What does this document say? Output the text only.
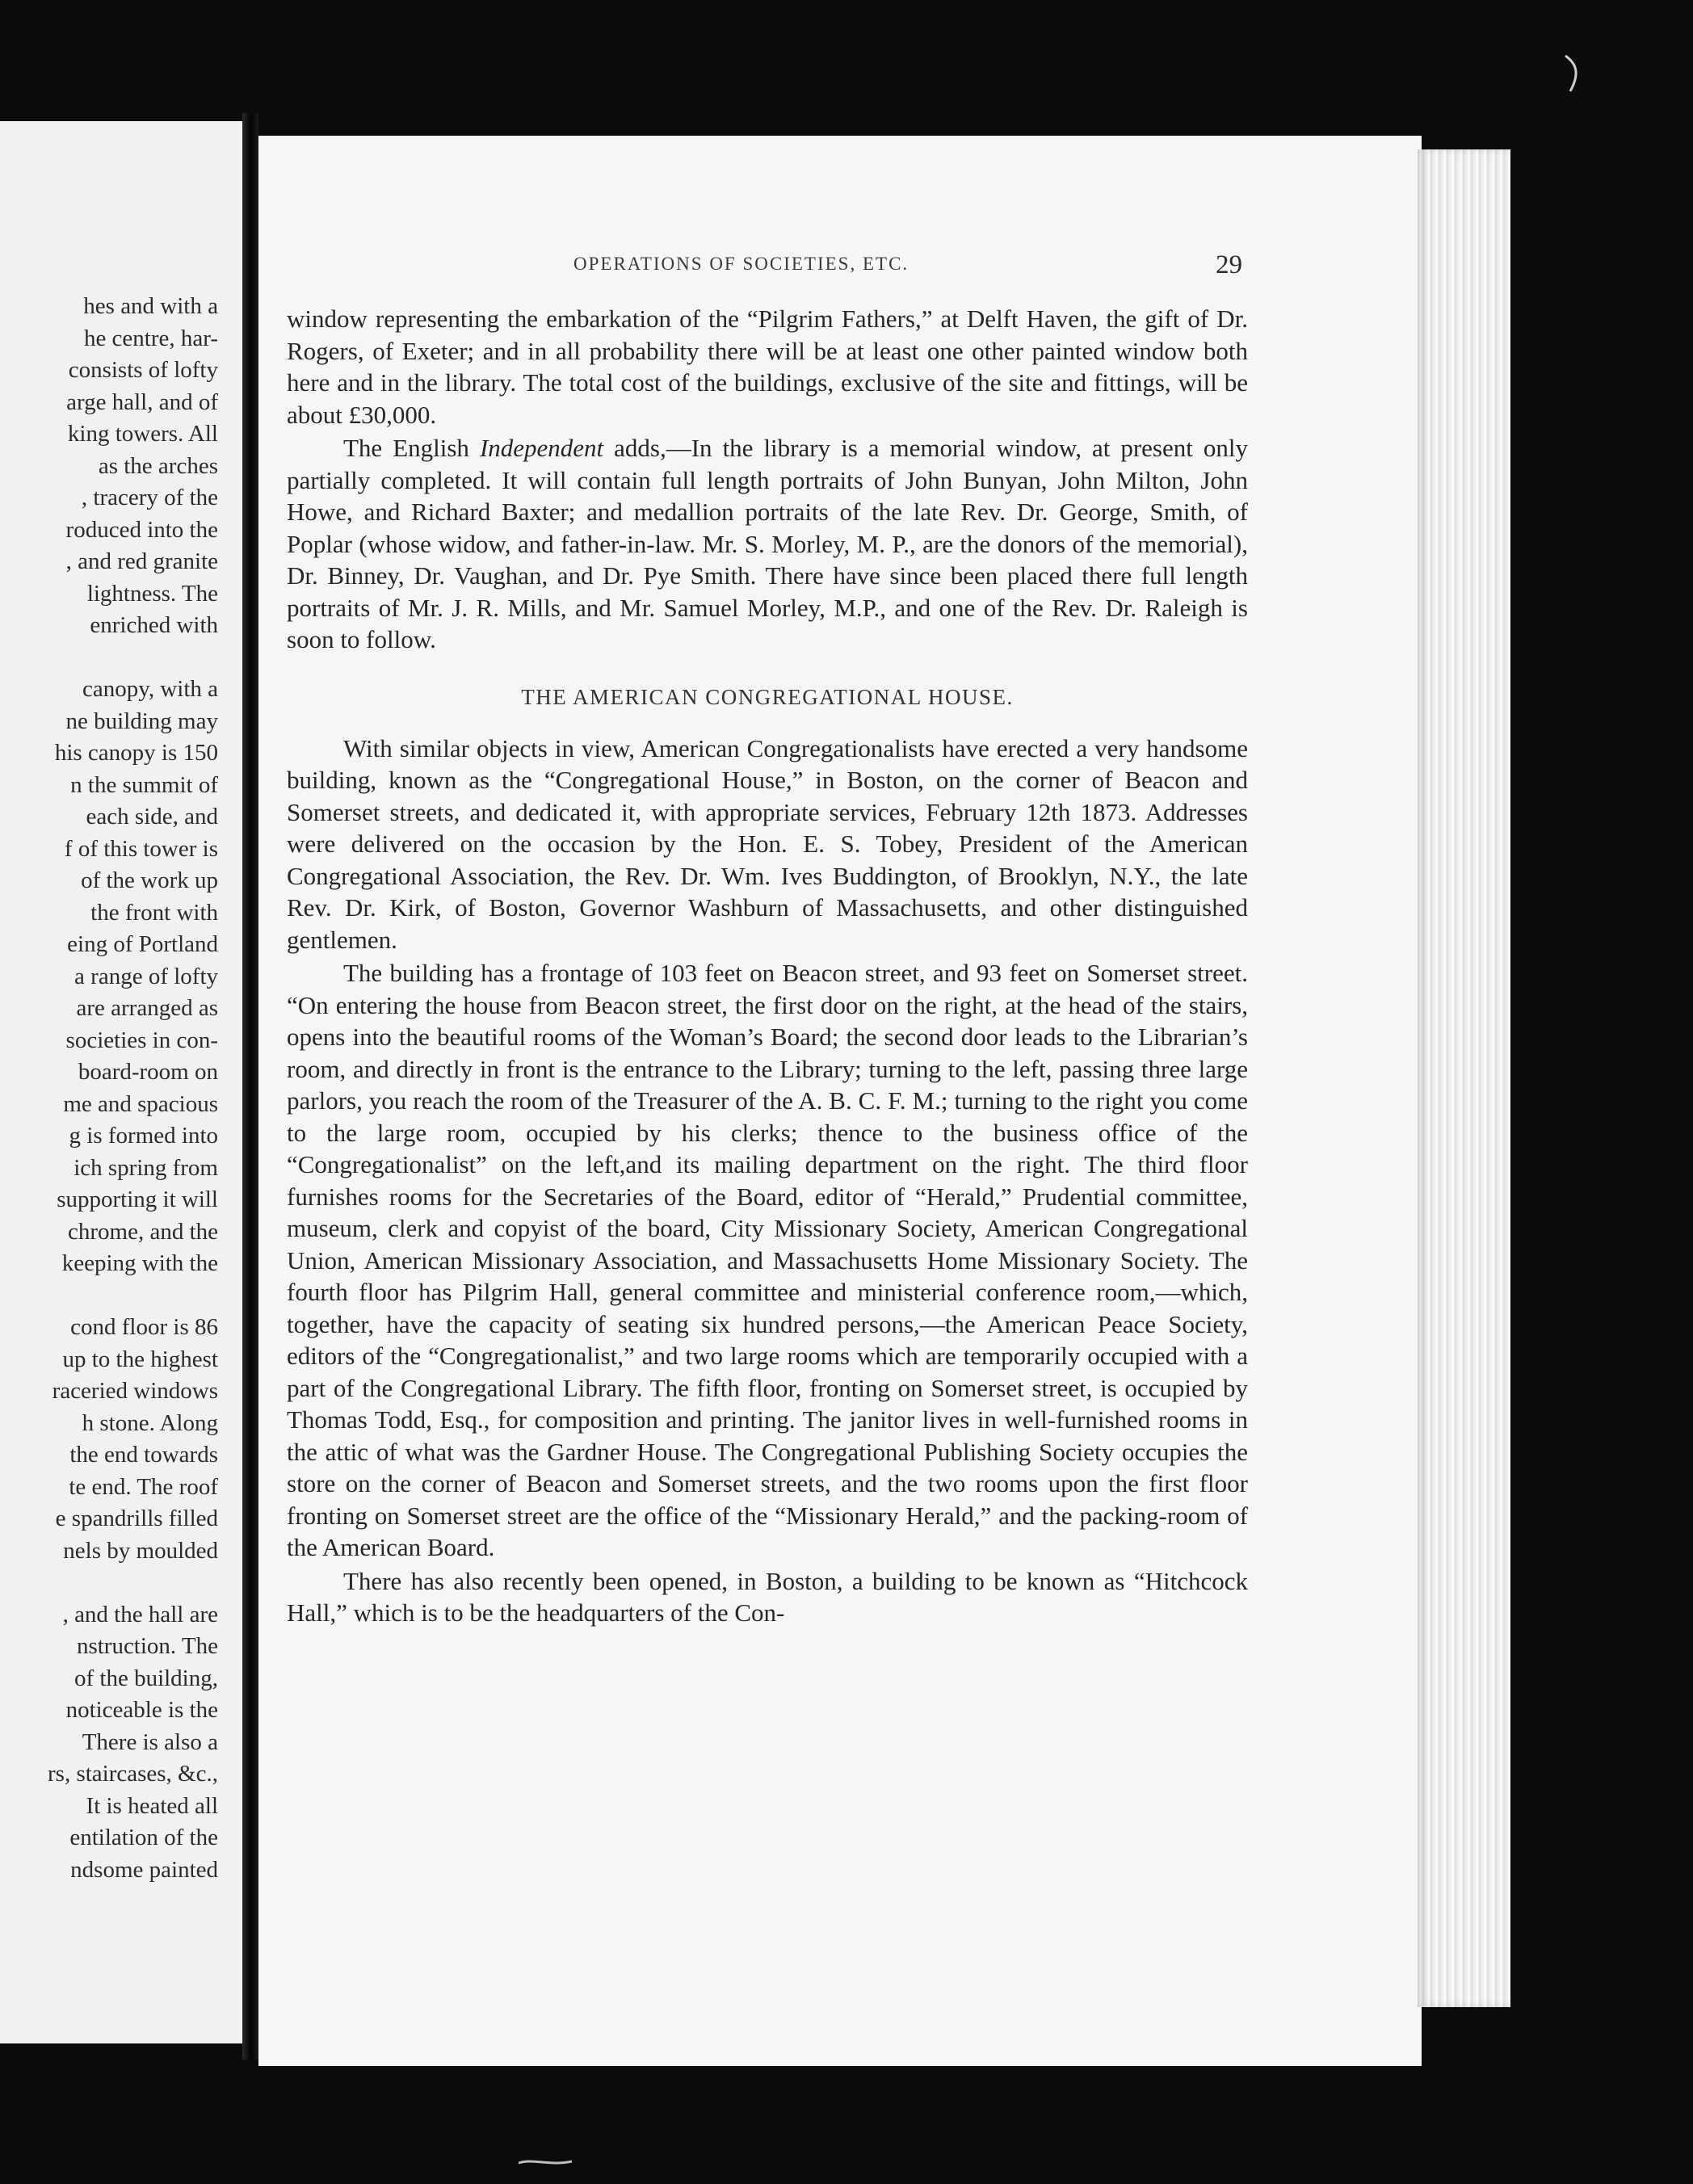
hes and with a
he centre, har-
consists of lofty
arge hall, and of
king towers. All
as the arches
, tracery of the
roduced into the
, and red granite
lightness. The
enriched with
canopy, with a
ne building may
his canopy is 150
n the summit of
each side, and
f of this tower is
of the work up
the front with
eing of Portland
a range of lofty
are arranged as
societies in con-
board-room on
me and spacious
g is formed into
ich spring from
supporting it will
chrome, and the
keeping with the
cond floor is 86
up to the highest
raceried windows
h stone. Along
the end towards
te end. The roof
e spandrills filled
nels by moulded
, and the hall are
nstruction. The
of the building,
noticeable is the
There is also a
rs, staircases, &c.,
It is heated all
entilation of the
ndsome painted
OPERATIONS OF SOCIETIES, ETC.	29

window representing the embarkation of the “Pilgrim Fathers,” at Delft Haven, the gift of Dr. Rogers, of Exeter; and in all probability there will be at least one other painted window both here and in the library. The total cost of the buildings, exclusive of the site and fittings, will be about £30,000.

The English Independent adds,—In the library is a memorial window, at present only partially completed. It will contain full length portraits of John Bunyan, John Milton, John Howe, and Richard Baxter; and medallion portraits of the late Rev. Dr. George, Smith, of Poplar (whose widow, and father-in-law. Mr. S. Morley, M. P., are the donors of the memorial), Dr. Binney, Dr. Vaughan, and Dr. Pye Smith. There have since been placed there full length portraits of Mr. J. R. Mills, and Mr. Samuel Morley, M.P., and one of the Rev. Dr. Raleigh is soon to follow.

THE AMERICAN CONGREGATIONAL HOUSE.

With similar objects in view, American Congregationalists have erected a very handsome building, known as the “Congregational House,” in Boston, on the corner of Beacon and Somerset streets, and dedicated it, with appropriate services, February 12th 1873. Addresses were delivered on the occasion by the Hon. E. S. Tobey, President of the American Congregational Association, the Rev. Dr. Wm. Ives Buddington, of Brooklyn, N.Y., the late Rev. Dr. Kirk, of Boston, Governor Washburn of Massachusetts, and other distinguished gentlemen.

The building has a frontage of 103 feet on Beacon street, and 93 feet on Somerset street. “On entering the house from Beacon street, the first door on the right, at the head of the stairs, opens into the beautiful rooms of the Woman’s Board; the second door leads to the Librarian’s room, and directly in front is the entrance to the Library; turning to the left, passing three large parlors, you reach the room of the Treasurer of the A. B. C. F. M.; turning to the right you come to the large room, occupied by his clerks; thence to the business office of the “Congregationalist” on the left,and its mailing department on the right. The third floor furnishes rooms for the Secretaries of the Board, editor of “Herald,” Prudential committee, museum, clerk and copyist of the board, City Missionary Society, American Congregational Union, American Missionary Association, and Massachusetts Home Missionary Society. The fourth floor has Pilgrim Hall, general committee and ministerial conference room,—which, together, have the capacity of seating six hundred persons,—the American Peace Society, editors of the “Congregationalist,” and two large rooms which are temporarily occupied with a part of the Congregational Library. The fifth floor, fronting on Somerset street, is occupied by Thomas Todd, Esq., for composition and printing. The janitor lives in well-furnished rooms in the attic of what was the Gardner House. The Congregational Publishing Society occupies the store on the corner of Beacon and Somerset streets, and the two rooms upon the first floor fronting on Somerset street are the office of the “Missionary Herald,” and the packing-room of the American Board.

There has also recently been opened, in Boston, a building to be known as “Hitchcock Hall,” which is to be the headquarters of the Con-
